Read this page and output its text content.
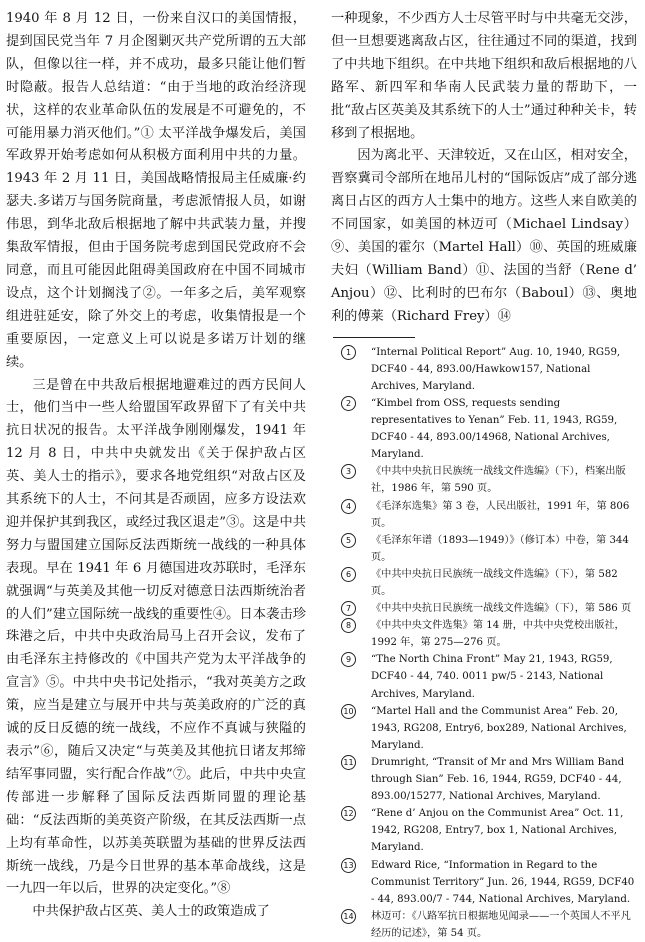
1940 年 8 月 12 日，一份来自汉口的美国情报，提到国民党当年 7 月企图剿灭共产党所谓的五大部队，但像以往一样，并不成功，最多只能让他们暂时隐蔽。报告人总结道：“由于当地的政治经济现状，这样的农业革命队伍的发展是不可避免的，不可能用暴力消灭他们。”① 太平洋战争爆发后，美国军政界开始考虑如何从积极方面利用中共的力量。1943 年 2 月 11 日，美国战略情报局主任威廉·约瑟夫.多诺万与国务院商量，考虑派情报人员，如谢伟思，到华北敌后根据地了解中共武装力量，并搜集敌军情报，但由于国务院考虑到国民党政府不会同意，而且可能因此阻碍美国政府在中国不同城市设点，这个计划搁浅了②。一年多之后，美军观察组进驻延安，除了外交上的考虑，收集情报是一个重要原因，一定意义上可以说是多诺万计划的继续。

三是曾在中共敌后根据地避难过的西方民间人士，他们当中一些人给盟国军政界留下了有关中共抗日状况的报告。太平洋战争刚刚爆发，1941 年 12 月 8 日，中共中央就发出《关于保护敌占区英、美人士的指示》，要求各地党组织“对敌占区及其系统下的人士，不问其是否顽固，应多方设法欢迎并保护其到我区，或经过我区退走”③。这是中共努力与盟国建立国际反法西斯统一战线的一种具体表现。早在 1941 年 6 月德国进攻苏联时，毛泽东就强调“与英美及其他一切反对德意日法西斯统治者的人们”建立国际统一战线的重要性④。日本袭击珍珠港之后，中共中央政治局马上召开会议，发布了由毛泽东主持修改的《中国共产党为太平洋战争的宣言》⑤。中共中央书记处指示，“我对英美方之政策，应当是建立与展开中共与英美政府的广泛的真诚的反日反德的统一战线，不应作不真诚与狭隘的表示”⑥，随后又决定“与英美及其他抗日诸友邦缔结军事同盟，实行配合作战”⑦。此后，中共中央宣传部进一步解释了国际反法西斯同盟的理论基础：“反法西斯的美英资产阶级，在其反法西斯一点上均有革命性，以苏美英联盟为基础的世界反法西斯统一战线，乃是今日世界的基本革命战线，这是一九四一年以后，世界的决定变化。”⑧

中共保护敌占区英、美人士的政策造成了

一种现象，不少西方人士尽管平时与中共毫无交涉，但一旦想要逃离敌占区，往往通过不同的渠道，找到了中共地下组织。在中共地下组织和敌后根据地的八路军、新四军和华南人民武装力量的帮助下，一批“敌占区英美及其系统下的人士”通过种种关卡，转移到了根据地。

因为离北平、天津较近，又在山区，相对安全，晋察冀司令部所在地吊儿村的“国际饭店”成了部分逃离日占区的西方人士集中的地方。这些人来自欧美的不同国家，如美国的林迈可（Michael Lindsay）⑨、美国的霍尔（Martel Hall）⑩、英国的班威廉夫妇（William Band）⑪、法国的当舒（Rene d’ Anjou）⑫、比利时的巴布尔（Baboul）⑬、奥地利的傅莱（Richard Frey）⑭

1	“Internal Political Report” Aug. 10, 1940, RG59, DCF40 - 44, 893.00/Hawkow157, National Archives, Maryland.
2	“Kimbel from OSS, requests sending representatives to Yenan” Feb. 11, 1943, RG59, DCF40 - 44, 893.00/14968, National Archives, Maryland.
3	《中共中央抗日民族统一战线文件选编》（下），档案出版社，1986 年，第 590 页。
4	《毛泽东选集》第 3 卷，人民出版社，1991 年，第 806 页。
5	《毛泽东年谱（1893—1949）》（修订本）中卷，第 344 页。
6	《中共中央抗日民族统一战线文件选编》（下），第 582 页。
7	《中共中央抗日民族统一战线文件选编》（下），第 586 页
8	《中共中央文件选集》第 14 册，中共中央党校出版社，1992 年，第 275—276 页。
9	“The North China Front” May 21, 1943, RG59, DCF40 - 44, 740. 0011 pw/5 - 2143, National Archives, Maryland.
10 “Martel Hall and the Communist Area” Feb. 20, 1943, RG208, Entry6, box289, National Archives, Maryland.
11 Drumright, “Transit of Mr and Mrs William Band through Sian” Feb. 16, 1944, RG59, DCF40 - 44, 893.00/15277, National Archives, Maryland.
12 “Rene d’ Anjou on the Communist Area” Oct. 11, 1942, RG208, Entry7, box 1, National Archives, Maryland.
13 Edward Rice, “Information in Regard to the Communist Territory” Jun. 26, 1944, RG59, DCF40 - 44, 893.00/7 - 744, National Archives, Maryland.
14 林迈可：《八路军抗日根据地见闻录——一个英国人不平凡经历的记述》，第 54 页。
